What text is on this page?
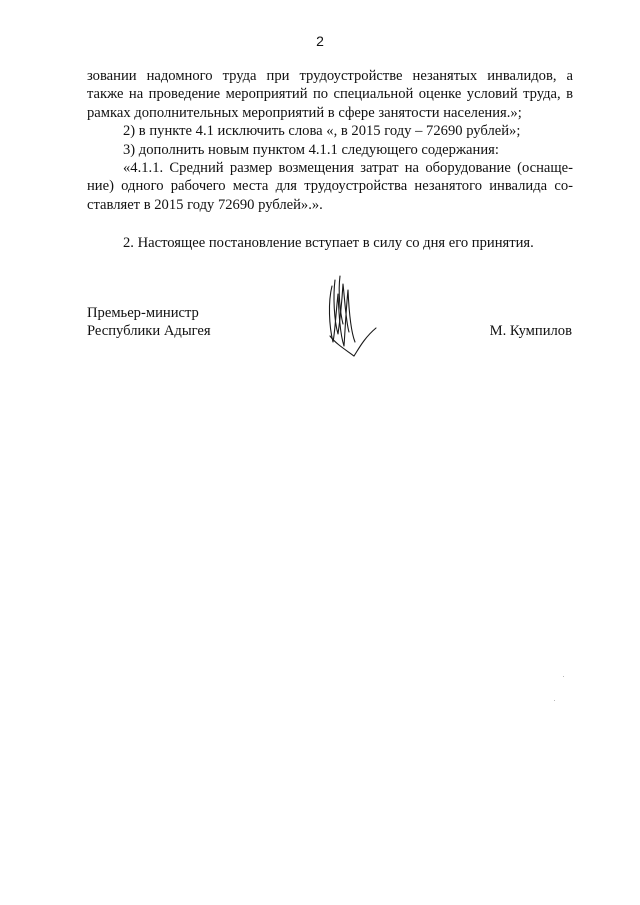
2

зовании надомного труда при трудоустройстве незанятых инвалидов, а

также на проведение мероприятий по специальной оценке условий труда, в

рамках дополнительных мероприятий в сфере занятости населения.»;

2) в пункте 4.1 исключить слова «, в 2015 году – 72690 рублей»;

3) дополнить новым пунктом 4.1.1 следующего содержания:

«4.1.1. Средний размер возмещения затрат на оборудование (оснаще-

ние) одного рабочего места для трудоустройства незанятого инвалида со-

ставляет в 2015 году 72690 рублей».».

2. Настоящее постановление вступает в силу со дня его принятия.

Премьер-министр
Республики Адыгея	М. Кумпилов
